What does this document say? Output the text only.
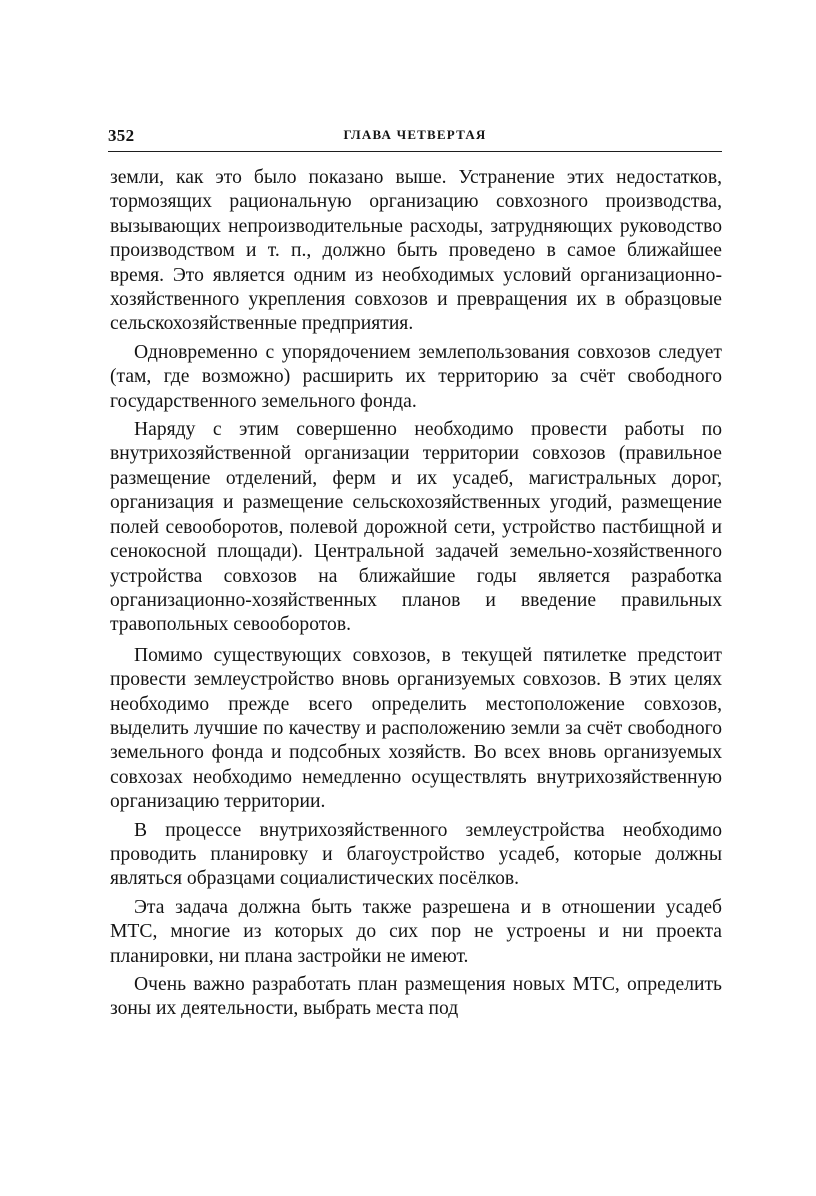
352	ГЛАВА ЧЕТВЕРТАЯ

земли, как это было показано выше. Устранение этих недостатков, тормозящих рациональную организацию совхозного производства, вызывающих непроизводительные расходы, затрудняющих руководство производством и т. п., должно быть проведено в самое ближайшее время. Это является одним из необходимых условий организационно-хозяйственного укрепления совхозов и превращения их в образцовые сельскохозяйственные предприятия.

Одновременно с упорядочением землепользования совхозов следует (там, где возможно) расширить их территорию за счёт свободного государственного земельного фонда.

Наряду с этим совершенно необходимо провести работы по внутрихозяйственной организации территории совхозов (правильное размещение отделений, ферм и их усадеб, магистральных дорог, организация и размещение сельскохозяйственных угодий, размещение полей севооборотов, полевой дорожной сети, устройство пастбищной и сенокосной площади). Центральной задачей земельно-хозяйственного устройства совхозов на ближайшие годы является разработка организационно-хозяйственных планов и введение правильных травопольных севооборотов.

Помимо существующих совхозов, в текущей пятилетке предстоит провести землеустройство вновь организуемых совхозов. В этих целях необходимо прежде всего определить местоположение совхозов, выделить лучшие по качеству и расположению земли за счёт свободного земельного фонда и подсобных хозяйств. Во всех вновь организуемых совхозах необходимо немедленно осуществлять внутрихозяйственную организацию территории.

В процессе внутрихозяйственного землеустройства необходимо проводить планировку и благоустройство усадеб, которые должны являться образцами социалистических посёлков.

Эта задача должна быть также разрешена и в отношении усадеб МТС, многие из которых до сих пор не устроены и ни проекта планировки, ни плана застройки не имеют.

Очень важно разработать план размещения новых МТС, определить зоны их деятельности, выбрать места под
